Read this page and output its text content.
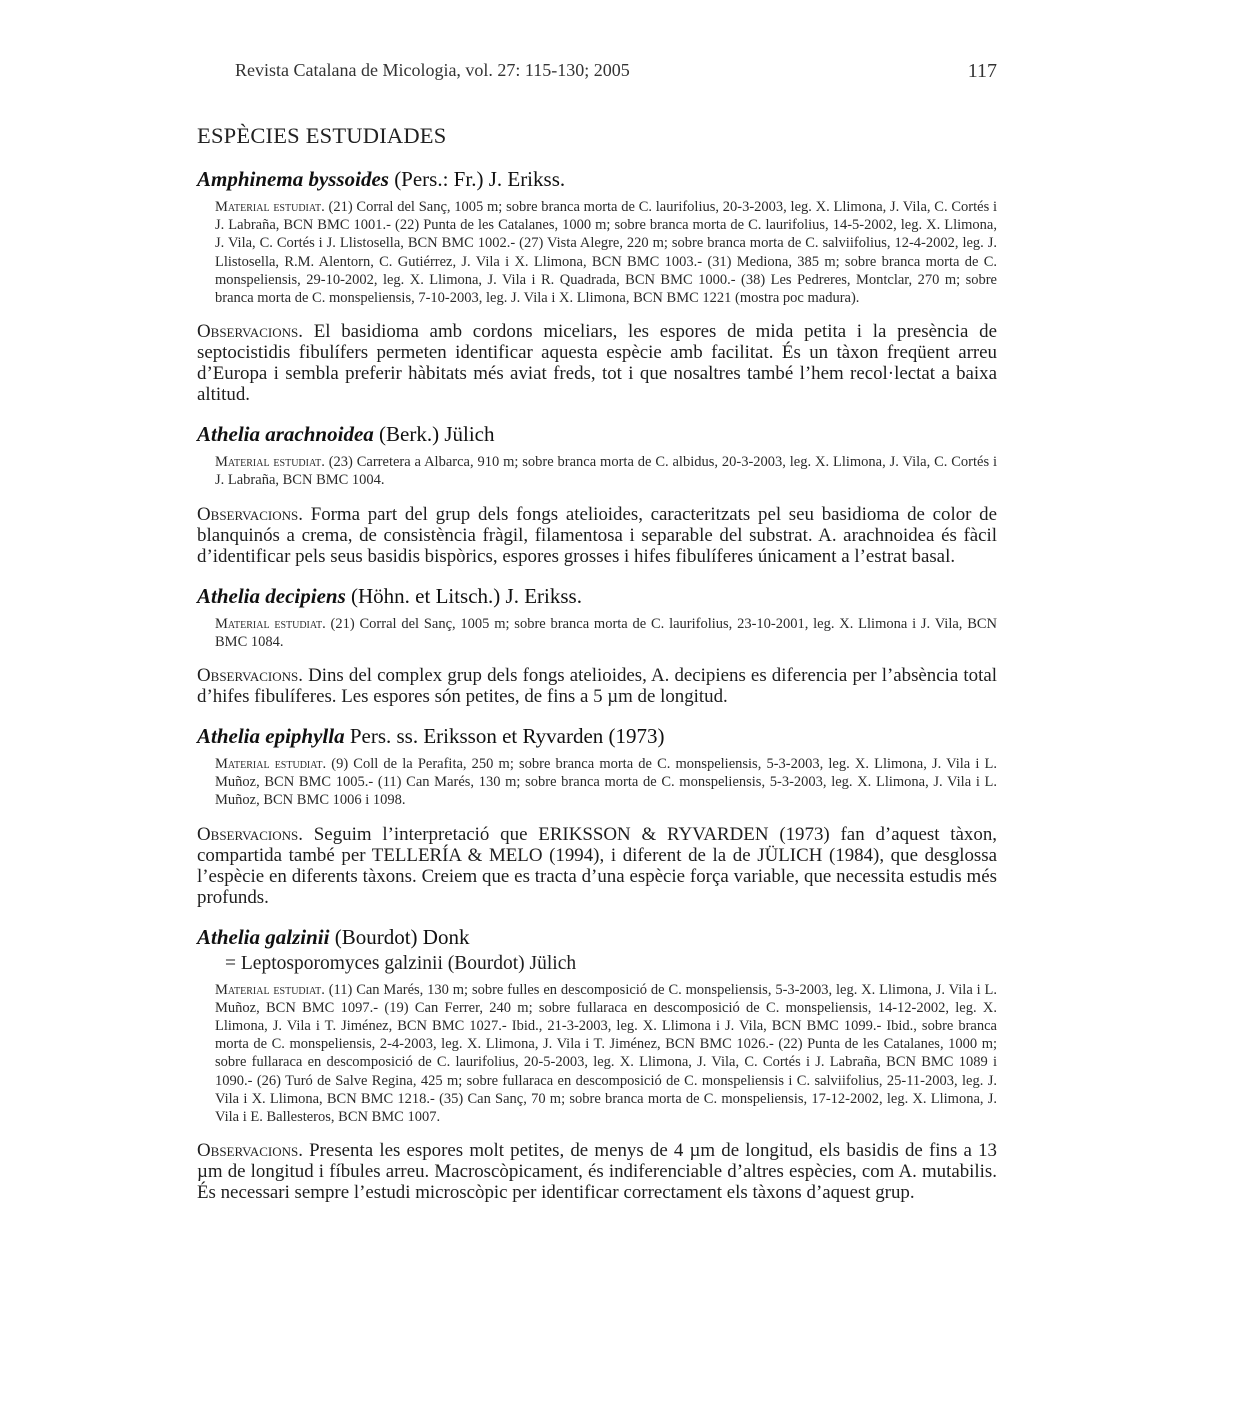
Revista Catalana de Micologia, vol. 27: 115-130; 2005	117
ESPÈCIES ESTUDIADES
Amphinema byssoides (Pers.: Fr.) J. Erikss.

Material estudiat. (21) Corral del Sanç, 1005 m; sobre branca morta de C. laurifolius, 20-3-2003, leg. X. Llimona, J. Vila, C. Cortés i J. Labraña, BCN BMC 1001.- (22) Punta de les Catalanes, 1000 m; sobre branca morta de C. laurifolius, 14-5-2002, leg. X. Llimona, J. Vila, C. Cortés i J. Llistosella, BCN BMC 1002.- (27) Vista Alegre, 220 m; sobre branca morta de C. salviifolius, 12-4-2002, leg. J. Llistosella, R.M. Alentorn, C. Gutiérrez, J. Vila i X. Llimona, BCN BMC 1003.- (31) Mediona, 385 m; sobre branca morta de C. monspeliensis, 29-10-2002, leg. X. Llimona, J. Vila i R. Quadrada, BCN BMC 1000.- (38) Les Pedreres, Montclar, 270 m; sobre branca morta de C. monspeliensis, 7-10-2003, leg. J. Vila i X. Llimona, BCN BMC 1221 (mostra poc madura).

Observacions. El basidioma amb cordons miceliars, les espores de mida petita i la presència de septocistidis fibulífers permeten identificar aquesta espècie amb facilitat. És un tàxon freqüent arreu d’Europa i sembla preferir hàbitats més aviat freds, tot i que nosaltres també l’hem recol·lectat a baixa altitud.

Athelia arachnoidea (Berk.) Jülich

Material estudiat. (23) Carretera a Albarca, 910 m; sobre branca morta de C. albidus, 20-3-2003, leg. X. Llimona, J. Vila, C. Cortés i J. Labraña, BCN BMC 1004.

Observacions. Forma part del grup dels fongs atelioides, caracteritzats pel seu basidioma de color de blanquinós a crema, de consistència fràgil, filamentosa i separable del substrat. A. arachnoidea és fàcil d’identificar pels seus basidis bispòrics, espores grosses i hifes fibulíferes únicament a l’estrat basal.

Athelia decipiens (Höhn. et Litsch.) J. Erikss.

Material estudiat. (21) Corral del Sanç, 1005 m; sobre branca morta de C. laurifolius, 23-10-2001, leg. X. Llimona i J. Vila, BCN BMC 1084.

Observacions. Dins del complex grup dels fongs atelioides, A. decipiens es diferencia per l’absència total d’hifes fibulíferes. Les espores són petites, de fins a 5 µm de longitud.

Athelia epiphylla Pers. ss. Eriksson et Ryvarden (1973)

Material estudiat. (9) Coll de la Perafita, 250 m; sobre branca morta de C. monspeliensis, 5-3-2003, leg. X. Llimona, J. Vila i L. Muñoz, BCN BMC 1005.- (11) Can Marés, 130 m; sobre branca morta de C. monspeliensis, 5-3-2003, leg. X. Llimona, J. Vila i L. Muñoz, BCN BMC 1006 i 1098.

Observacions. Seguim l’interpretació que ERIKSSON & RYVARDEN (1973) fan d’aquest tàxon, compartida també per TELLERÍA & MELO (1994), i diferent de la de JÜLICH (1984), que desglossa l’espècie en diferents tàxons. Creiem que es tracta d’una espècie força variable, que necessita estudis més profunds.

Athelia galzinii (Bourdot) Donk

= Leptosporomyces galzinii (Bourdot) Jülich

Material estudiat. (11) Can Marés, 130 m; sobre fulles en descomposició de C. monspeliensis, 5-3-2003, leg. X. Llimona, J. Vila i L. Muñoz, BCN BMC 1097.- (19) Can Ferrer, 240 m; sobre fullaraca en descomposició de C. monspeliensis, 14-12-2002, leg. X. Llimona, J. Vila i T. Jiménez, BCN BMC 1027.- Ibid., 21-3-2003, leg. X. Llimona i J. Vila, BCN BMC 1099.- Ibid., sobre branca morta de C. monspeliensis, 2-4-2003, leg. X. Llimona, J. Vila i T. Jiménez, BCN BMC 1026.- (22) Punta de les Catalanes, 1000 m; sobre fullaraca en descomposició de C. laurifolius, 20-5-2003, leg. X. Llimona, J. Vila, C. Cortés i J. Labraña, BCN BMC 1089 i 1090.- (26) Turó de Salve Regina, 425 m; sobre fullaraca en descomposició de C. monspeliensis i C. salviifolius, 25-11-2003, leg. J. Vila i X. Llimona, BCN BMC 1218.- (35) Can Sanç, 70 m; sobre branca morta de C. monspeliensis, 17-12-2002, leg. X. Llimona, J. Vila i E. Ballesteros, BCN BMC 1007.

Observacions. Presenta les espores molt petites, de menys de 4 µm de longitud, els basidis de fins a 13 µm de longitud i fíbules arreu. Macroscòpicament, és indiferenciable d’altres espècies, com A. mutabilis. És necessari sempre l’estudi microscòpic per identificar correctament els tàxons d’aquest grup.
